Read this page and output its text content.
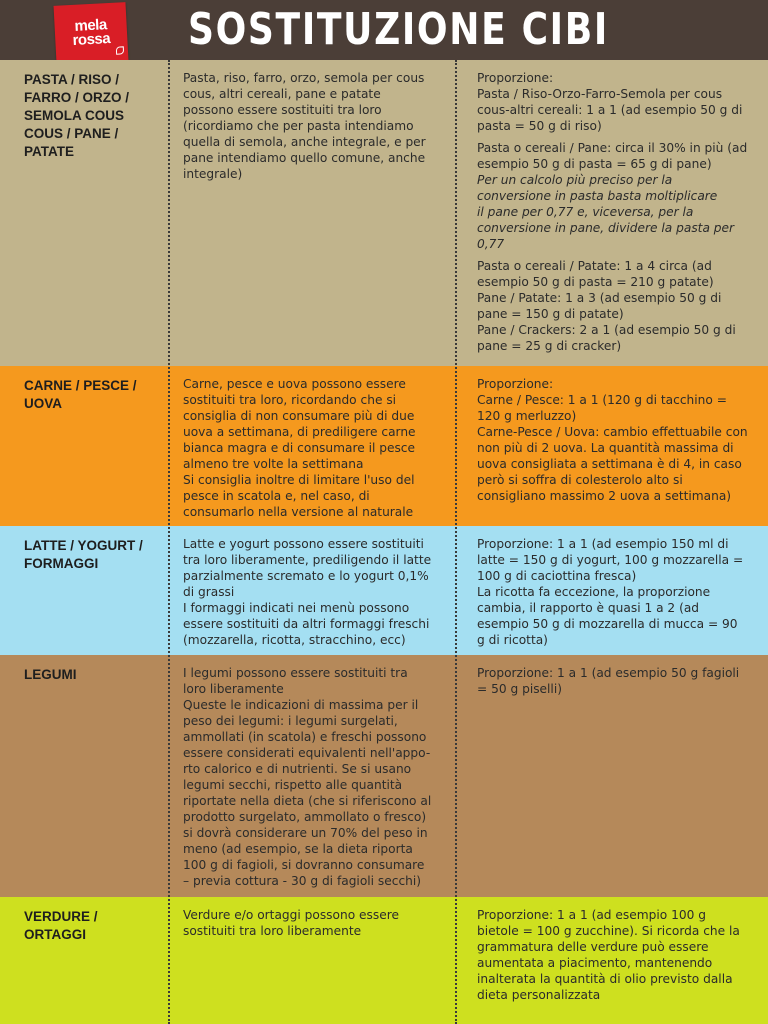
mela
rossa SOSTITUZIONE CIBI
PASTA / RISO / FARRO / ORZO / SEMOLA COUS COUS / PANE / PATATE
Pasta, riso, farro, orzo, semola per cous cous, altri cereali, pane e patate possono essere sostituiti tra loro (ricordiamo che per pasta intendiamo quella di semola, anche integrale, e per pane intendiamo quello comune, anche integrale)

Proporzione:
Pasta / Riso-Orzo-Farro-Semola per cous cous-altri cereali: 1 a 1 (ad esempio 50 g di pasta = 50 g di riso)

Pasta o cereali / Pane: circa il 30% in più (ad esempio 50 g di pasta = 65 g di pane)

Per un calcolo più preciso per la conversione in pasta basta moltiplicare
il pane per 0,77 e, viceversa, per la conversione in pane, dividere la pasta per 0,77

Pasta o cereali / Patate: 1 a 4 circa (ad esempio 50 g di pasta = 210 g patate)
Pane / Patate: 1 a 3 (ad esempio 50 g di pane = 150 g di patate)
Pane / Crackers: 2 a 1 (ad esempio 50 g di pane = 25 g di cracker)

CARNE / PESCE / UOVA
Carne, pesce e uova possono essere sostituiti tra loro, ricordando che si consiglia di non consumare più di due uova a settimana, di prediligere carne bianca magra e di consumare il pesce almeno tre volte la settimana
Si consiglia inoltre di limitare l'uso del pesce in scatola e, nel caso, di consumarlo nella versione al naturale
Proporzione:
Carne / Pesce: 1 a 1 (120 g di tacchino = 120 g merluzzo)
Carne-Pesce / Uova: cambio effettuabile con non più di 2 uova. La quantità massima di uova consigliata a settimana è di 4, in caso però si soffra di colesterolo alto si consigliano massimo 2 uova a settimana)
LATTE / YOGURT / FORMAGGI
Latte e yogurt possono essere sostituiti tra loro liberamente, prediligendo il latte parzialmente scremato e lo yogurt 0,1% di grassi
I formaggi indicati nei menù possono essere sostituiti da altri formaggi freschi (mozzarella, ricotta, stracchino, ecc)
Proporzione: 1 a 1 (ad esempio 150 ml di latte = 150 g di yogurt, 100 g mozzarella = 100 g di caciottina fresca)
La ricotta fa eccezione, la proporzione cambia, il rapporto è quasi 1 a 2 (ad esempio 50 g di mozzarella di mucca = 90 g di ricotta)
LEGUMI	I legumi possono essere sostituiti tra loro liberamente
Queste le indicazioni di massima per il peso dei legumi: i legumi surgelati, ammollati (in scatola) e freschi possono essere considerati equivalenti nell'appo-rto calorico e di nutrienti. Se si usano legumi secchi, rispetto alle quantità riportate nella dieta (che si riferiscono al prodotto surgelato, ammollato o fresco) si dovrà considerare un 70% del peso in meno (ad esempio, se la dieta riporta 100 g di fagioli, si dovranno consumare – previa cottura - 30 g di fagioli secchi)
Proporzione: 1 a 1 (ad esempio 50 g fagioli = 50 g piselli)
VERDURE / ORTAGGI
Verdure e/o ortaggi possono essere sostituiti tra loro liberamente
Proporzione: 1 a 1 (ad esempio 100 g bietole = 100 g zucchine). Si ricorda che la grammatura delle verdure può essere aumentata a piacimento, mantenendo inalterata la quantità di olio previsto dalla dieta personalizzata
